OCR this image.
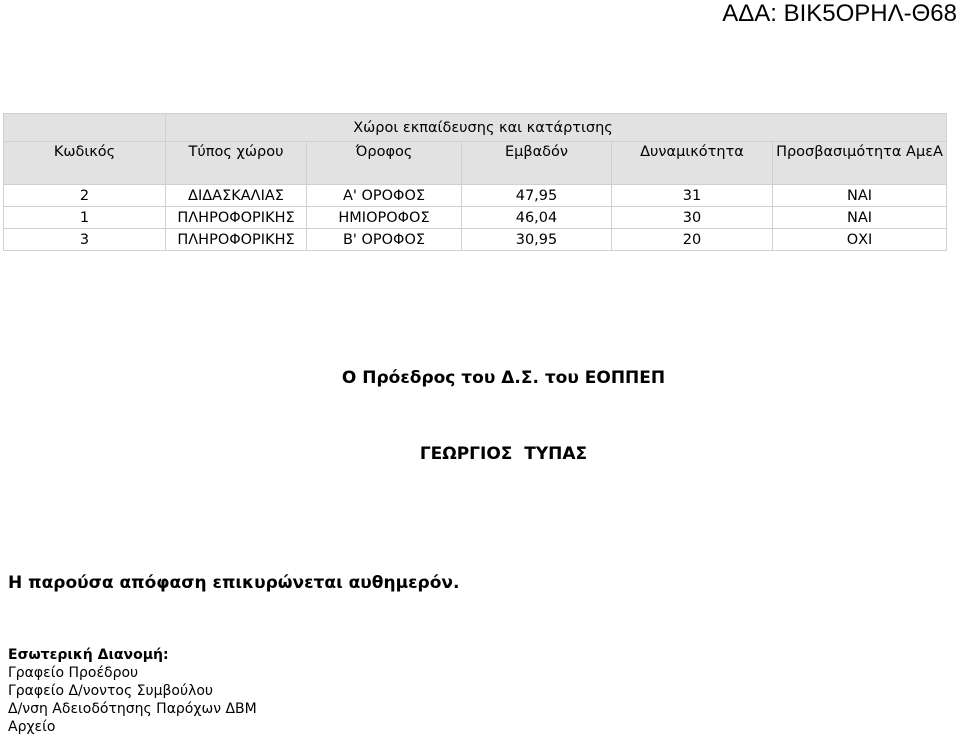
ΑΔΑ: ΒΙΚ5ΟΡΗΛ-Θ68
	Χώροι εκπαίδευσης και κατάρτισης				

Κωδικός	Τύπος χώρου	Όροφος	Εμβαδόν	Δυναμικότητα	Προσβασιμότητα ΑμεΑ

2	ΔΙΔΑΣΚΑΛΙΑΣ	Α' ΟΡΟΦΟΣ	47,95	31	ΝΑΙ
1	ΠΛΗΡΟΦΟΡΙΚΗΣ	ΗΜΙΟΡΟΦΟΣ	46,04	30	ΝΑΙ
3	ΠΛΗΡΟΦΟΡΙΚΗΣ	Β' ΟΡΟΦΟΣ	30,95	20	ΟΧΙ
Ο Πρόεδρος του Δ.Σ. του ΕΟΠΠΕΠ
ΓΕΩΡΓΙΟΣ  ΤΥΠΑΣ
Η παρούσα απόφαση επικυρώνεται αυθημερόν.
Εσωτερική Διανομή:
Γραφείο Προέδρου
Γραφείο Δ/νοντος Συμβούλου
Δ/νση Αδειοδότησης Παρόχων ΔΒΜ
Αρχείο
